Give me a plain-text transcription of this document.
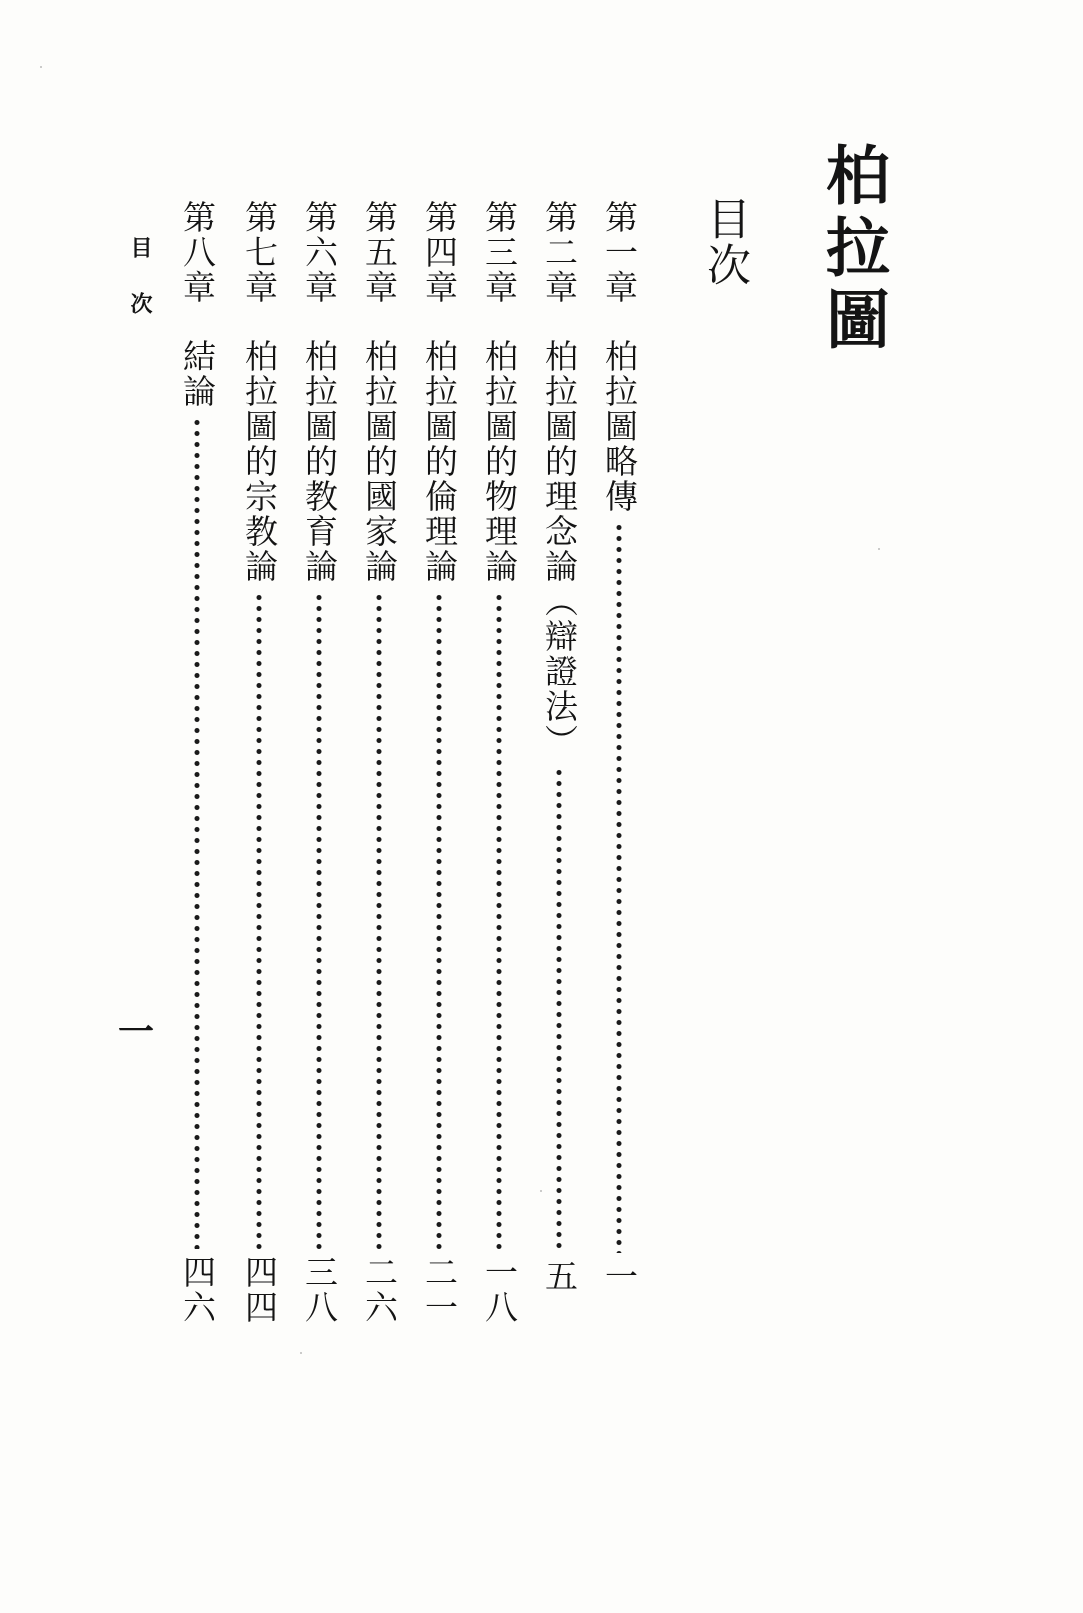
柏拉圖
目次
第一章
柏拉圖略傳
一
第二章
柏拉圖的理念論（辯證法）
五
第三章
柏拉圖的物理論
一八
第四章
柏拉圖的倫理論
二一
第五章
柏拉圖的國家論
二六
第六章
柏拉圖的教育論
三八
第七章
柏拉圖的宗教論
四四
第八章
結論
四六
目次
一
